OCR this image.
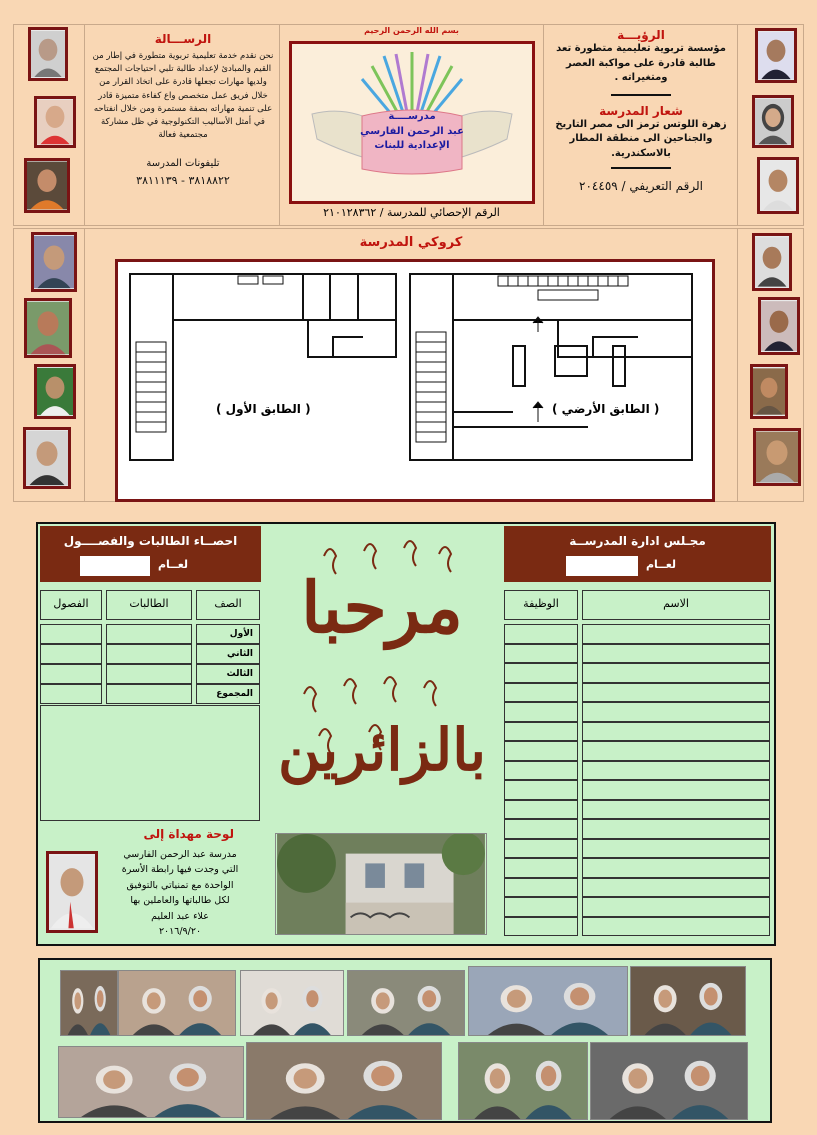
الرســـالة
نحن نقدم خدمة تعليمية تربوية متطورة في إطار من القيم والمبادئ لإعداد طالبة تلبي احتياجات المجتمع ولديها مهارات تجعلها قادرة على اتخاذ القرار من خلال فريق عمل متخصص واع كفاءة متميزة قادر على تنمية مهاراته بصفة مستمرة ومن خلال انفتاحه في أمثل الأساليب التكنولوجية في ظل مشاركة مجتمعية فعالة
تليفونات المدرسة
٣٨١٨٨٢٢ - ٣٨١١١٣٩
بسم الله الرحمن الرحيم
مدرســــة
عبد الرحمن الفارسي
الإعدادية للبنات
الرقم الإحصائي للمدرسة / ٢١٠١٢٨٣٦٢
الرؤيـــة
مؤسسة تربوية تعليمية متطورة تعد طالبة قادرة على مواكبة العصر ومتغيراته .
شعار المدرسة
زهرة اللوتس ترمز الى مصر التاريخ والجناحين الى منطقة المطار بالاسكندرية.
الرقم التعريفي / ٢٠٤٤٥٩
كروكي المدرسة
( الطابق الأول )	( الطابق الأرضي )
احصــاء الطالبات والفصــــول
لعــام
الفصول	الطالبات	الصف
الأول
الثاني
الثالث
المجموع
لوحة مهداة إلى
مدرسة عبد الرحمن الفارسي
التي وجدت فيها رابطة الأسرة
الواحدة مع تمنياتي بالتوفيق
لكل طالباتها والعاملين بها
علاء عبد العليم
٢٠١٦/٩/٢٠
مرحبا
بالزائرين
مجـلس ادارة المدرســة
لعــام
الوظيفة	الاسم
